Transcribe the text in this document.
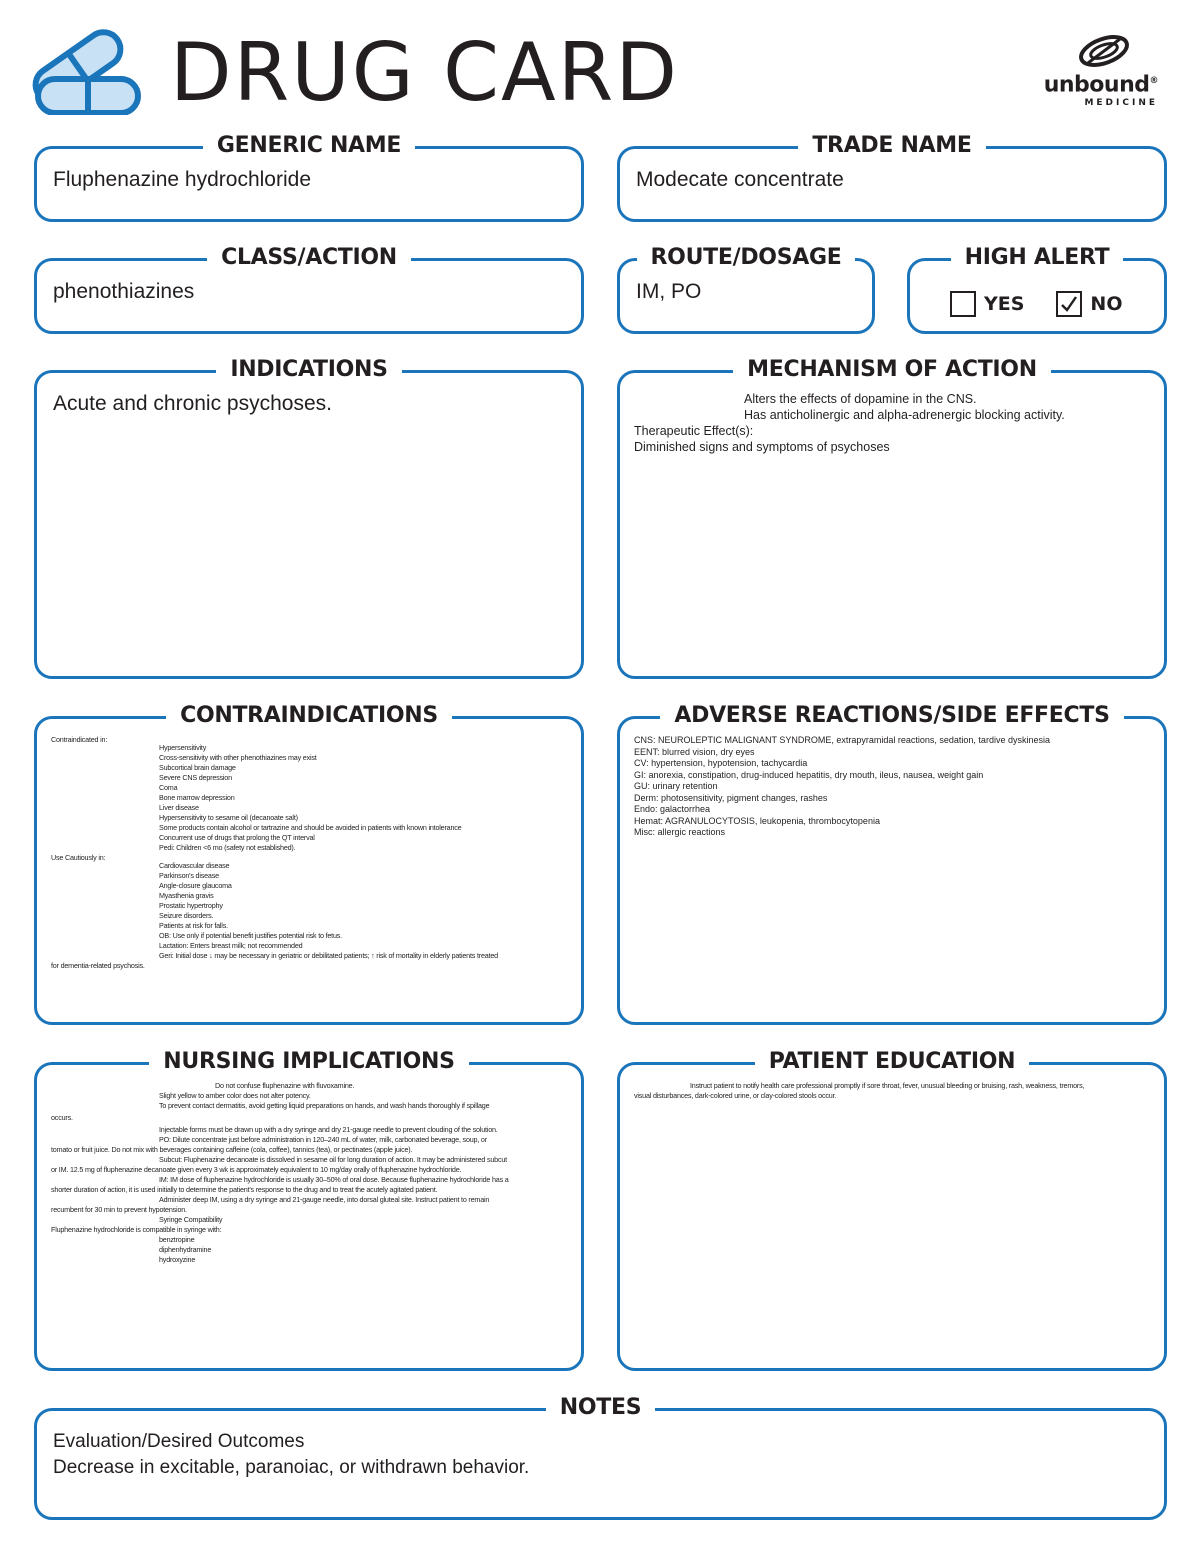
DRUG CARD	unbound®
MEDICINE
GENERIC NAME
Fluphenazine hydrochloride
TRADE NAME
Modecate concentrate
CLASS/ACTION
phenothiazines
ROUTE/DOSAGE
IM, PO
HIGH ALERT
YES	NO
INDICATIONS
Acute and chronic psychoses.
MECHANISM OF ACTION
Alters the effects of dopamine in the CNS.
Has anticholinergic and alpha-adrenergic blocking activity.
Therapeutic Effect(s):
Diminished signs and symptoms of psychoses
CONTRAINDICATIONS
Contraindicated in:
Hypersensitivity
Cross-sensitivity with other phenothiazines may exist
Subcortical brain damage
Severe CNS depression
Coma
Bone marrow depression
Liver disease
Hypersensitivity to sesame oil (decanoate salt)
Some products contain alcohol or tartrazine and should be avoided in patients with known intolerance
Concurrent use of drugs that prolong the QT interval
Pedi: Children <6 mo (safety not established).
Use Cautiously in:
Cardiovascular disease
Parkinson's disease
Angle-closure glaucoma
Myasthenia gravis
Prostatic hypertrophy
Seizure disorders.
Patients at risk for falls.
OB: Use only if potential benefit justifies potential risk to fetus.
Lactation: Enters breast milk; not recommended
Geri: Initial dose ↓ may be necessary in geriatric or debilitated patients; ↑ risk of mortality in elderly patients treated
for dementia-related psychosis.
ADVERSE REACTIONS/SIDE EFFECTS
CNS: NEUROLEPTIC MALIGNANT SYNDROME, extrapyramidal reactions, sedation, tardive dyskinesia
EENT: blurred vision, dry eyes
CV: hypertension, hypotension, tachycardia
GI: anorexia, constipation, drug-induced hepatitis, dry mouth, ileus, nausea, weight gain
GU: urinary retention
Derm: photosensitivity, pigment changes, rashes
Endo: galactorrhea
Hemat: AGRANULOCYTOSIS, leukopenia, thrombocytopenia
Misc: allergic reactions
NURSING IMPLICATIONS
Do not confuse fluphenazine with fluvoxamine.
Slight yellow to amber color does not alter potency.
To prevent contact dermatitis, avoid getting liquid preparations on hands, and wash hands thoroughly if spillage
occurs.
Injectable forms must be drawn up with a dry syringe and dry 21-gauge needle to prevent clouding of the solution.
PO: Dilute concentrate just before administration in 120–240 mL of water, milk, carbonated beverage, soup, or
tomato or fruit juice. Do not mix with beverages containing caffeine (cola, coffee), tannics (tea), or pectinates (apple juice).
Subcut: Fluphenazine decanoate is dissolved in sesame oil for long duration of action. It may be administered subcut
or IM. 12.5 mg of fluphenazine decanoate given every 3 wk is approximately equivalent to 10 mg/day orally of fluphenazine hydrochloride.
IM: IM dose of fluphenazine hydrochloride is usually 30–50% of oral dose. Because fluphenazine hydrochloride has a
shorter duration of action, it is used initially to determine the patient's response to the drug and to treat the acutely agitated patient.
Administer deep IM, using a dry syringe and 21-gauge needle, into dorsal gluteal site. Instruct patient to remain
recumbent for 30 min to prevent hypotension.
Syringe Compatibility
Fluphenazine hydrochloride is compatible in syringe with:
benztropine
diphenhydramine
hydroxyzine
PATIENT EDUCATION
Instruct patient to notify health care professional promptly if sore throat, fever, unusual bleeding or bruising, rash, weakness, tremors,
visual disturbances, dark-colored urine, or clay-colored stools occur.
NOTES
Evaluation/Desired Outcomes
Decrease in excitable, paranoiac, or withdrawn behavior.
